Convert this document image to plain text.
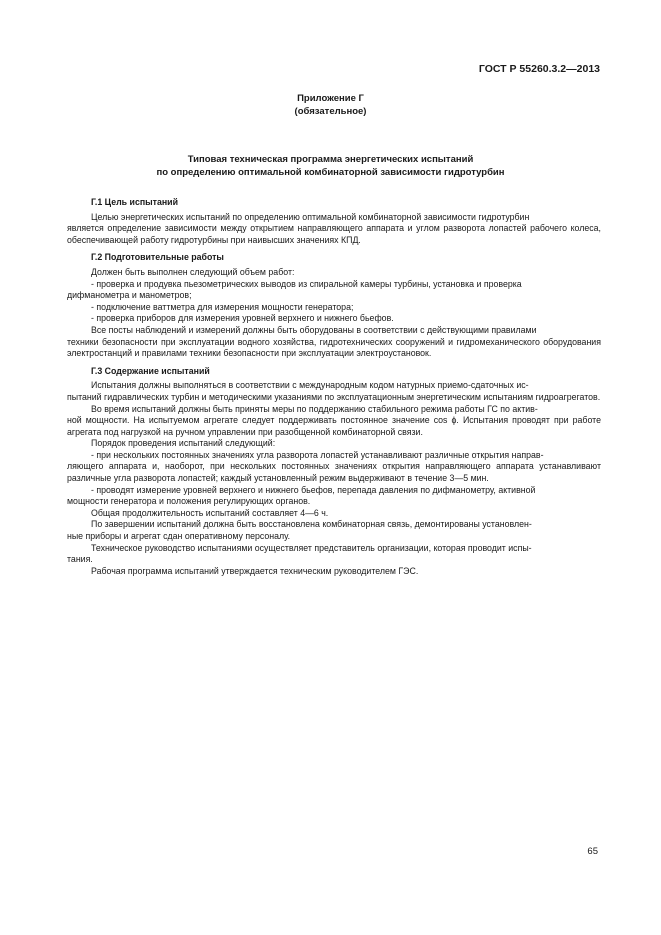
ГОСТ Р 55260.3.2—2013
Приложение Г
(обязательное)
Типовая техническая программа энергетических испытаний
по определению оптимальной комбинаторной зависимости гидротурбин
Г.1 Цель испытаний

Целью энергетических испытаний по определению оптимальной комбинаторной зависимости гидротурбин

является определение зависимости между открытием направляющего аппарата и углом разворота лопастей рабочего колеса, обеспечивающей работу гидротурбины при наивысших значениях КПД.

Г.2 Подготовительные работы

Должен быть выполнен следующий объем работ:

- проверка и продувка пьезометрических выводов из спиральной камеры турбины, установка и проверка

дифманометра и манометров;

- подключение ваттметра для измерения мощности генератора;

- проверка приборов для измерения уровней верхнего и нижнего бьефов.

Все посты наблюдений и измерений должны быть оборудованы в соответствии с действующими правилами

техники безопасности при эксплуатации водного хозяйства, гидротехнических сооружений и гидромеханического оборудования электростанций и правилами техники безопасности при эксплуатации электроустановок.

Г.3 Содержание испытаний

Испытания должны выполняться в соответствии с международным кодом натурных приемо-сдаточных ис-

пытаний гидравлических турбин и методическими указаниями по эксплуатационным энергетическим испытаниям гидроагрегатов.

Во время испытаний должны быть приняты меры по поддержанию стабильного режима работы ГС по актив-

ной мощности. На испытуемом агрегате следует поддерживать постоянное значение cos ϕ. Испытания проводят при работе агрегата под нагрузкой на ручном управлении при разобщенной комбинаторной связи.

Порядок проведения испытаний следующий:

- при нескольких постоянных значениях угла разворота лопастей устанавливают различные открытия направ-

ляющего аппарата и, наоборот, при нескольких постоянных значениях открытия направляющего аппарата устанавливают различные угла разворота лопастей; каждый установленный режим выдерживают в течение 3—5 мин.

- проводят измерение уровней верхнего и нижнего бьефов, перепада давления по дифманометру, активной

мощности генератора и положения регулирующих органов.

Общая продолжительность испытаний составляет 4—6 ч.

По завершении испытаний должна быть восстановлена комбинаторная связь, демонтированы установлен-

ные приборы и агрегат сдан оперативному персоналу.

Техническое руководство испытаниями осуществляет представитель организации, которая проводит испы-

тания.

Рабочая программа испытаний утверждается техническим руководителем ГЭС.

65
